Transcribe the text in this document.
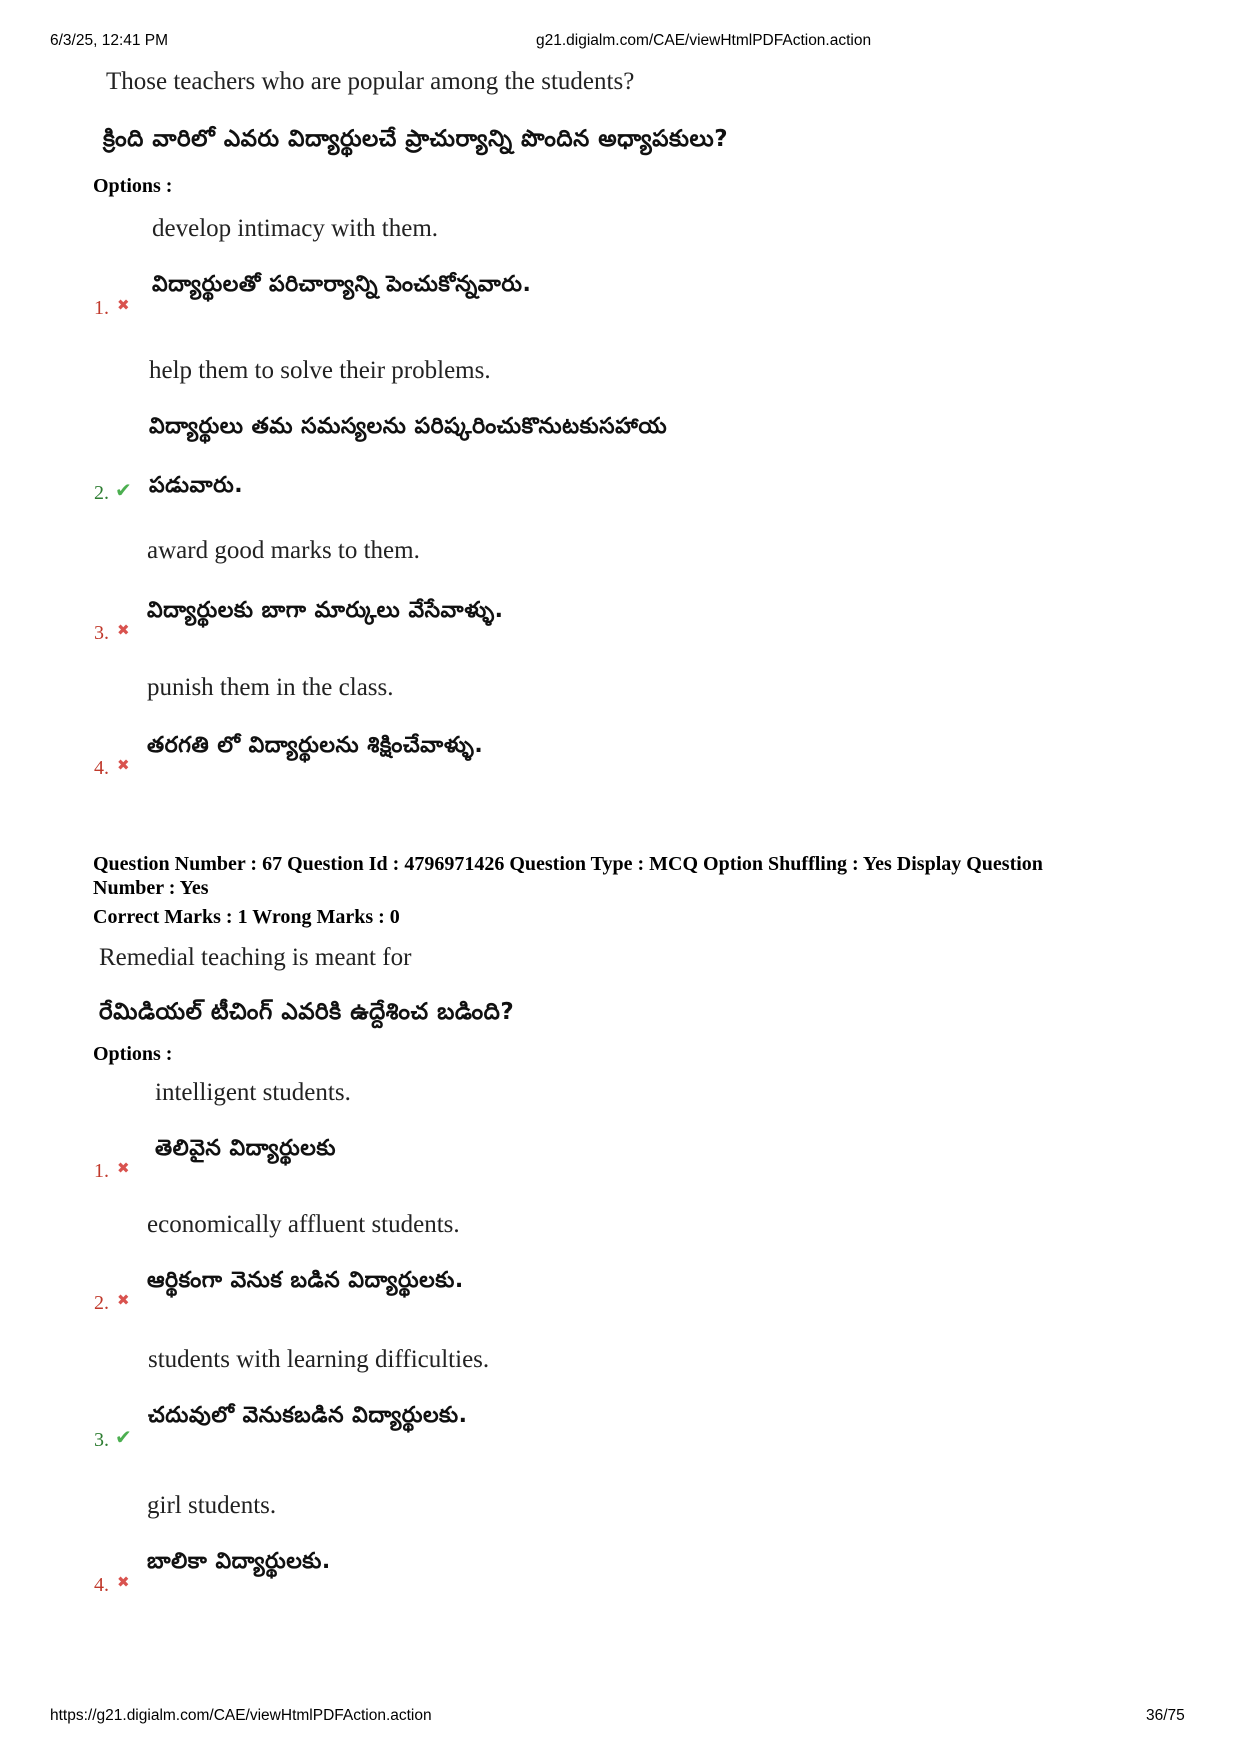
6/3/25, 12:41 PM	g21.digialm.com/CAE/viewHtmlPDFAction.action
Those teachers who are popular among the students?
క్రింది వారిలో ఎవరు విద్యార్థులచే ప్రాచుర్యాన్ని పొందిన అధ్యాపకులు?
Options :
develop intimacy with them.
విద్యార్థులతో పరిచార్యాన్ని పెంచుకోన్నవారు.
1. ✖
help them to solve their problems.
విద్యార్థులు తమ సమస్యలను పరిష్కరించుకొనుటకుసహాయ
పడువారు.
2. ✔
award good marks to them.
విద్యార్థులకు బాగా మార్కులు వేసేవాళ్ళు.
3. ✖
punish them in the class.
తరగతి లో విద్యార్థులను శిక్షించేవాళ్ళు.
4. ✖
Question Number : 67 Question Id : 4796971426 Question Type : MCQ Option Shuffling : Yes Display Question
Number : Yes
Correct Marks : 1 Wrong Marks : 0
Remedial teaching is meant for
రేమిడియల్ టీచింగ్ ఎవరికి ఉద్దేశించ బడింది?
Options :
intelligent students.
తెలివైన విద్యార్థులకు
1. ✖
economically affluent students.
ఆర్థికంగా వెనుక బడిన విద్యార్థులకు.
2. ✖
students with learning difficulties.
చదువులో వెనుకబడిన విద్యార్థులకు.
3. ✔
girl students.
బాలికా విద్యార్థులకు.
4. ✖
https://g21.digialm.com/CAE/viewHtmlPDFAction.action	36/75
